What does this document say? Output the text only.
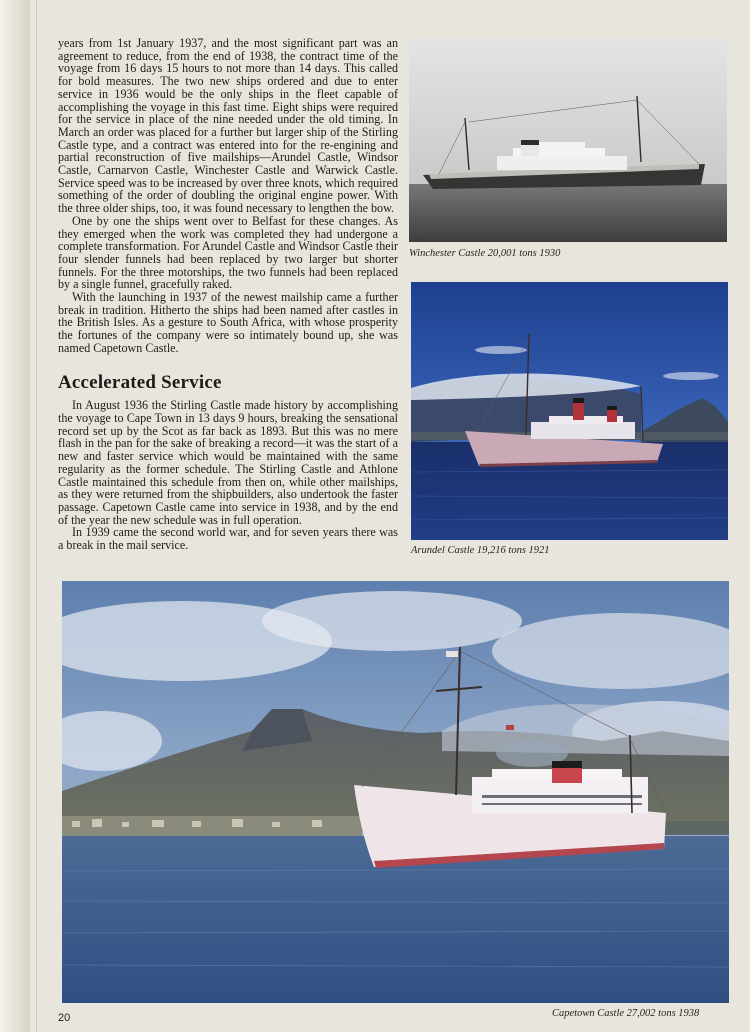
years from 1st January 1937, and the most significant part was an agreement to reduce, from the end of 1938, the contract time of the voyage from 16 days 15 hours to not more than 14 days. This called for bold measures. The two new ships ordered and due to enter service in 1936 would be the only ships in the fleet capable of accomplishing the voyage in this fast time. Eight ships were required for the service in place of the nine needed under the old timing. In March an order was placed for a further but larger ship of the Stirling Castle type, and a contract was entered into for the re-engining and partial reconstruction of five mailships—Arundel Castle, Windsor Castle, Carnarvon Castle, Winchester Castle and Warwick Castle. Service speed was to be increased by over three knots, which required something of the order of doubling the original engine power. With the three older ships, too, it was found necessary to lengthen the bow.

One by one the ships went over to Belfast for these changes. As they emerged when the work was completed they had undergone a complete transformation. For Arundel Castle and Windsor Castle their four slender funnels had been replaced by two larger but shorter funnels. For the three motorships, the two funnels had been replaced by a single funnel, gracefully raked.

With the launching in 1937 of the newest mailship came a further break in tradition. Hitherto the ships had been named after castles in the British Isles. As a gesture to South Africa, with whose prosperity the fortunes of the company were so intimately bound up, she was named Capetown Castle.

Accelerated Service

In August 1936 the Stirling Castle made history by accomplishing the voyage to Cape Town in 13 days 9 hours, breaking the sensational record set up by the Scot as far back as 1893. But this was no mere flash in the pan for the sake of breaking a record—it was the start of a new and faster service which would be maintained with the same regularity as the former schedule. The Stirling Castle and Athlone Castle maintained this schedule from then on, while other mailships, as they were returned from the shipbuilders, also undertook the faster passage. Capetown Castle came into service in 1938, and by the end of the year the new schedule was in full operation.

In 1939 came the second world war, and for seven years there was a break in the mail service.

Winchester Castle 20,001 tons 1930
Arundel Castle 19,216 tons 1921
Capetown Castle 27,002 tons 1938
20
